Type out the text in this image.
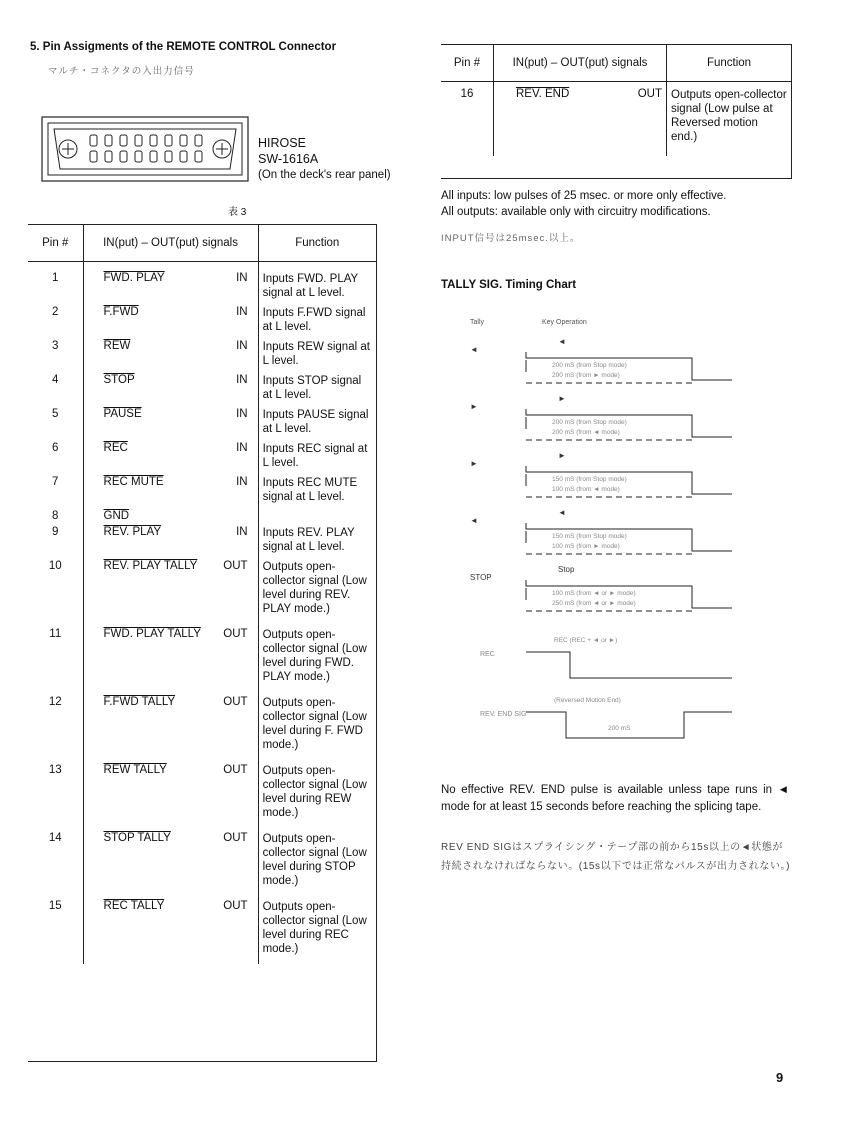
5. Pin Assigments of the REMOTE CONTROL Connector
マルチ・コネクタの入出力信号
HIROSE
SW-1616A
(On the deck's rear panel)
表 3
Pin #	IN(put) – OUT(put) signals	Function
1	FWD. PLAY IN	Inputs FWD. PLAY signal at L level.
2	F.FWD IN	Inputs F.FWD signal at L level.
3	$\overline{REW}$ IN	Inputs REW signal at L level.
4	STOP IN	Inputs STOP signal at L level.
5	PAUSE IN	Inputs PAUSE signal at L level.
6	$\overline{REC}$ IN	Inputs REC signal at L level.
7	REC MUTE IN	Inputs REC MUTE signal at L level.
8	$\overline{GND}$

9	REV. PLAY IN	Inputs REV. PLAY signal at L level.
10	REV. PLAY TALLY OUT	Outputs open-collector signal (Low level during REV. PLAY mode.)
11	FWD. PLAY TALLY OUT	Outputs open-collector signal (Low level during FWD. PLAY mode.)
12	F.FWD TALLY OUT	Outputs open-collector signal (Low level during F. FWD mode.)
13	REW TALLY OUT	Outputs open-collector signal (Low level during REW mode.)
14	STOP TALLY OUT	Outputs open-collector signal (Low level during STOP mode.)
15	REC TALLY OUT	Outputs open-collector signal (Low level during REC mode.)
Pin #	IN(put) – OUT(put) signals	Function
16	REV. END OUT	Outputs open-collector signal (Low pulse at Reversed motion end.)
All inputs: low pulses of 25 msec. or more only effective.
All outputs: available only with circuitry modifications.
INPUT信号は25msec.以上。
TALLY SIG. Timing Chart
Tally	Key Operation
◄
◄
200 mS (from Stop mode)
200 mS (from ► mode)
►
►
200 mS (from Stop mode)
200 mS (from ◄ mode)
►
►
150 mS (from Stop mode)
100 mS (from ◄ mode)
◄
◄
150 mS (from Stop mode)
100 mS (from ► mode)
STOP
Stop
100 mS (from ◄ or ► mode)
250 mS (from ◄ or ► mode)
REC
REC (REC + ◄ or ►)
REV. END SIG
(Reversed Motion End)
200 mS
No effective REV. END pulse is available unless tape runs in ◄ mode for at least 15 seconds before reaching the splicing tape.
REV END SIGはスプライシング・テープ部の前から15s以上の◄状態が持続されなければならない。(15s以下では正常なパルスが出力されない。)
9
